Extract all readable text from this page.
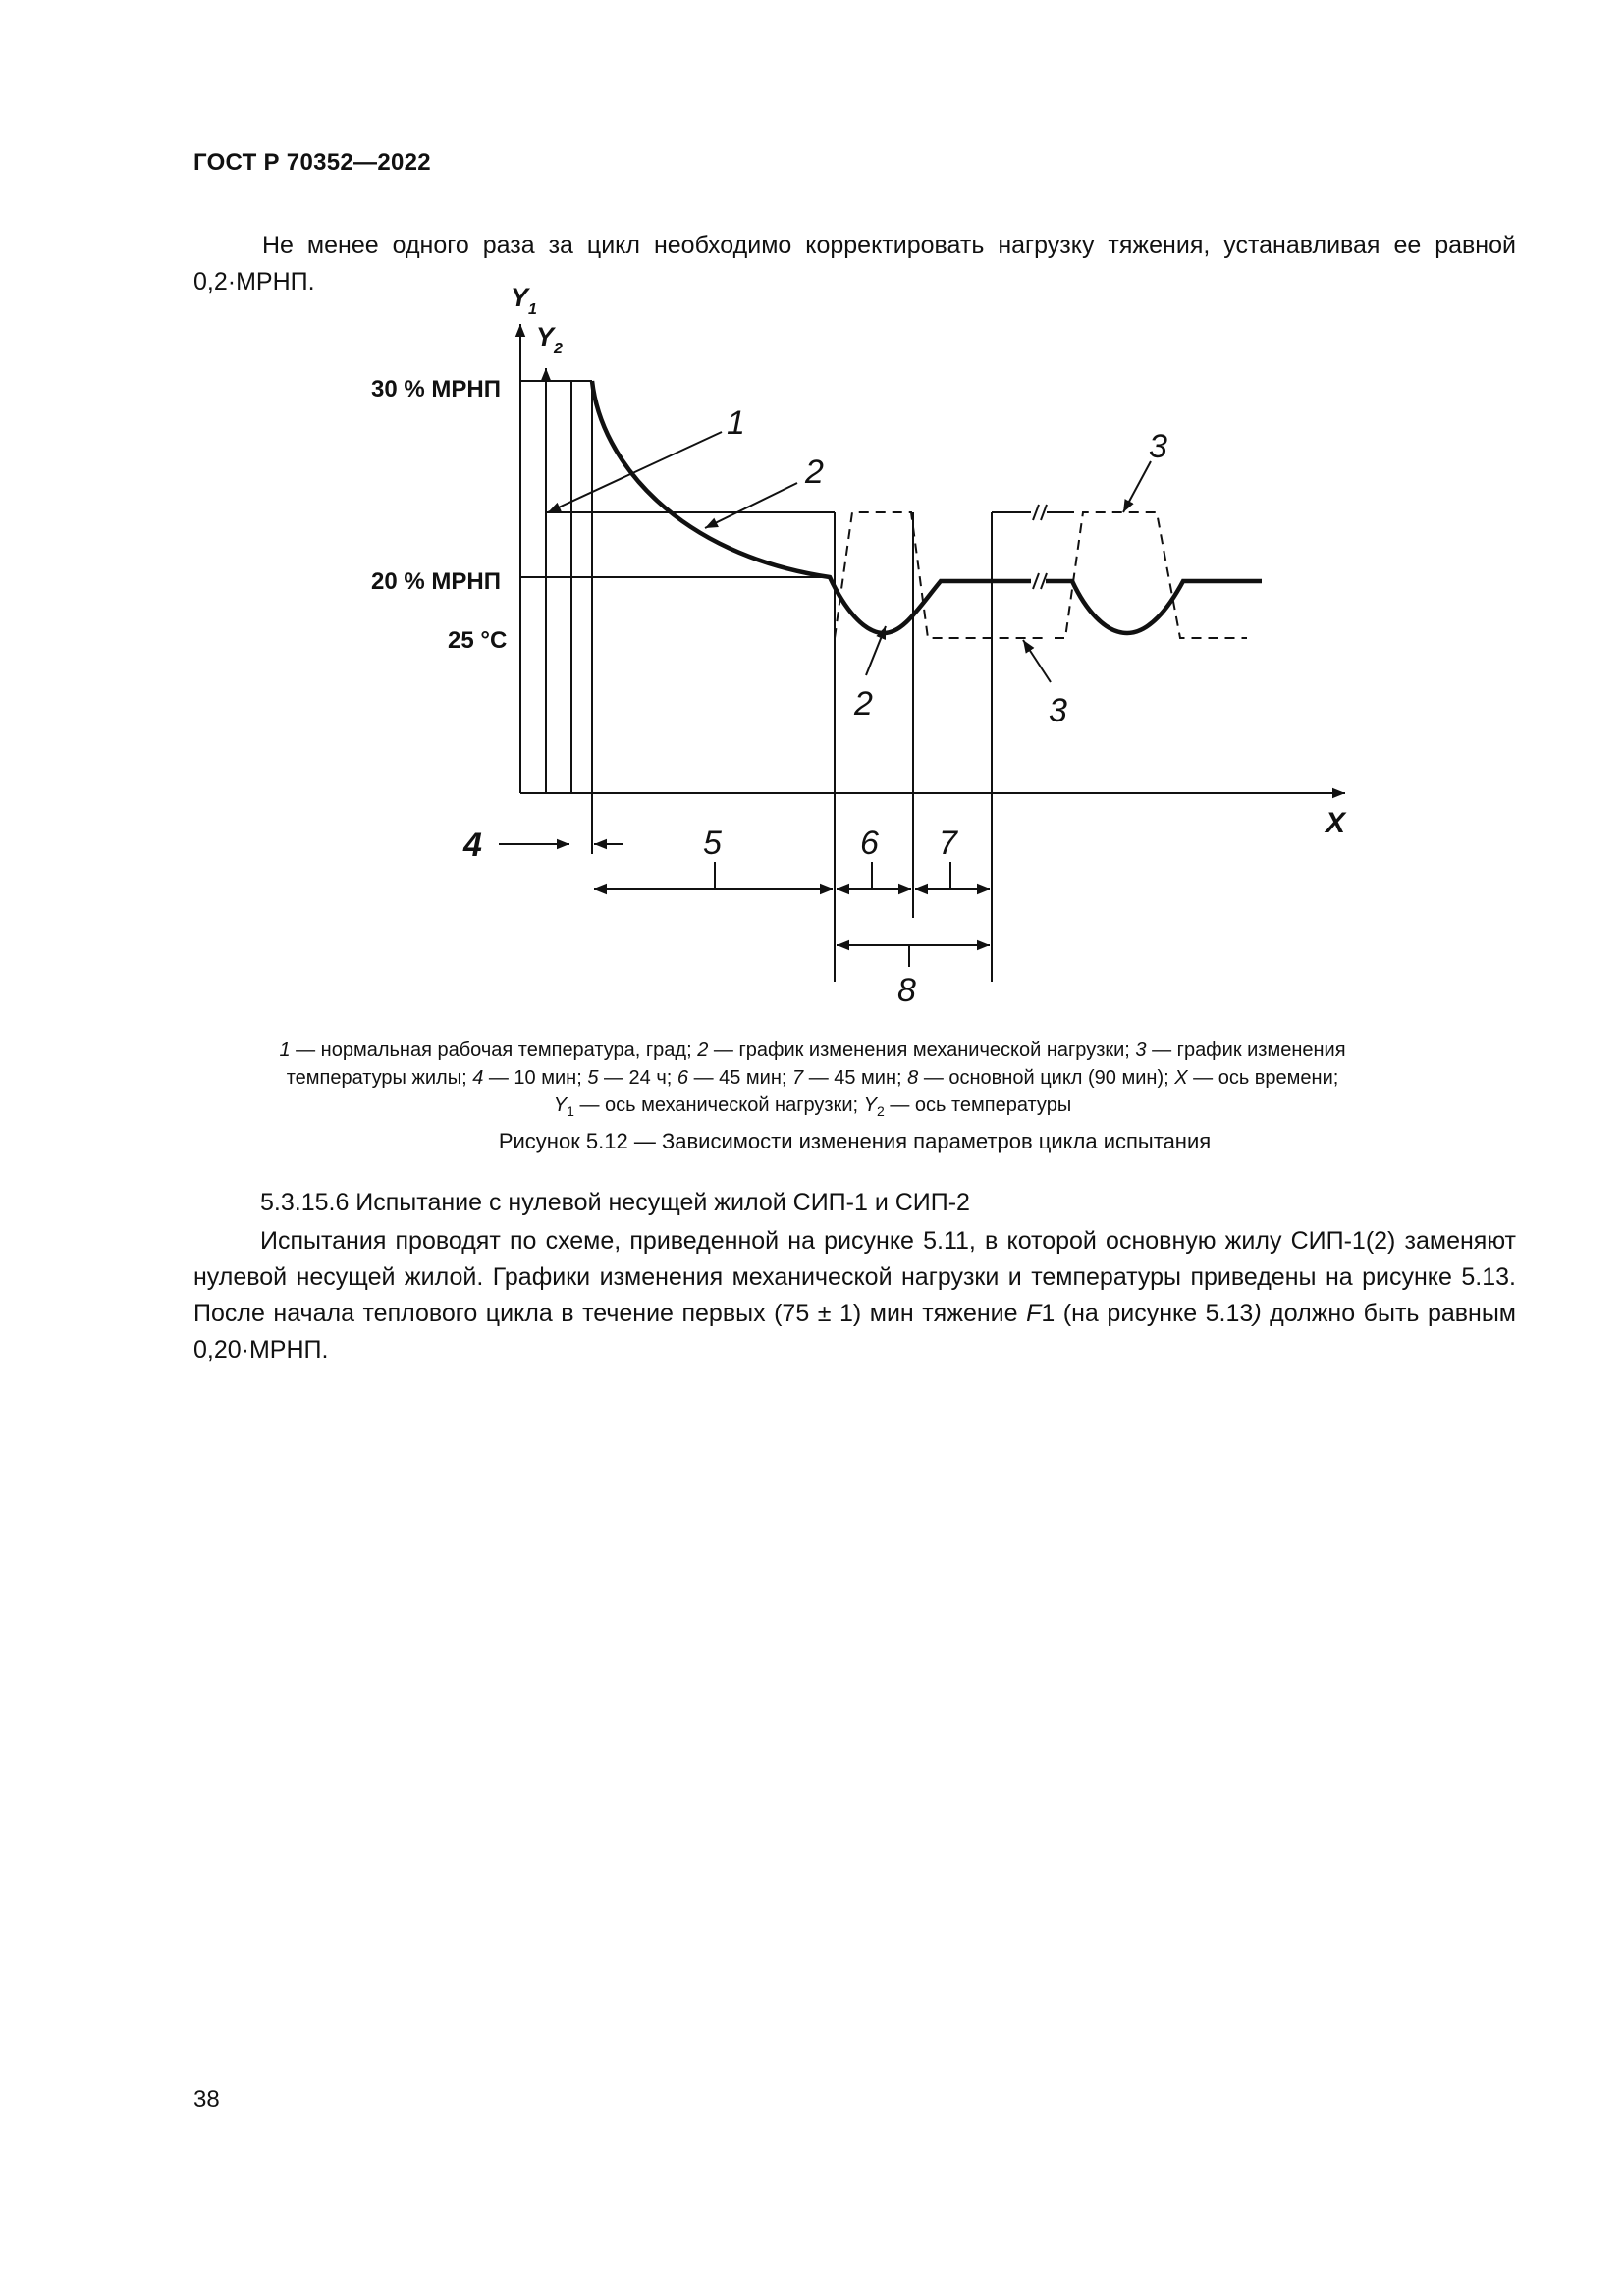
ГОСТ Р 70352—2022
Не менее одного раза за цикл необходимо корректировать нагрузку тяжения, устанавливая ее равной 0,2·МРНП.
$Y_1$
$Y_2$
X
30 % МРНП
20 % МРНП
25 °C
1
2
3
2	3
4	5	6 7
8
1 — нормальная рабочая температура, град; 2 — график изменения механической нагрузки; 3 — график изменения температуры жилы; 4 — 10 мин; 5 — 24 ч; 6 — 45 мин; 7 — 45 мин; 8 — основной цикл (90 мин); X — ось времени;
$Y_1$ — ось механической нагрузки; $Y_2$ — ось температуры
Рисунок 5.12 — Зависимости изменения параметров цикла испытания
5.3.15.6 Испытание с нулевой несущей жилой СИП-1 и СИП-2
Испытания проводят по схеме, приведенной на рисунке 5.11, в которой основную жилу СИП-1(2) заменяют нулевой несущей жилой. Графики изменения механической нагрузки и температуры приведены на рисунке 5.13. После начала теплового цикла в течение первых (75 ± 1) мин тяжение F1 (на рисунке 5.13) должно быть равным 0,20·МРНП.
38
